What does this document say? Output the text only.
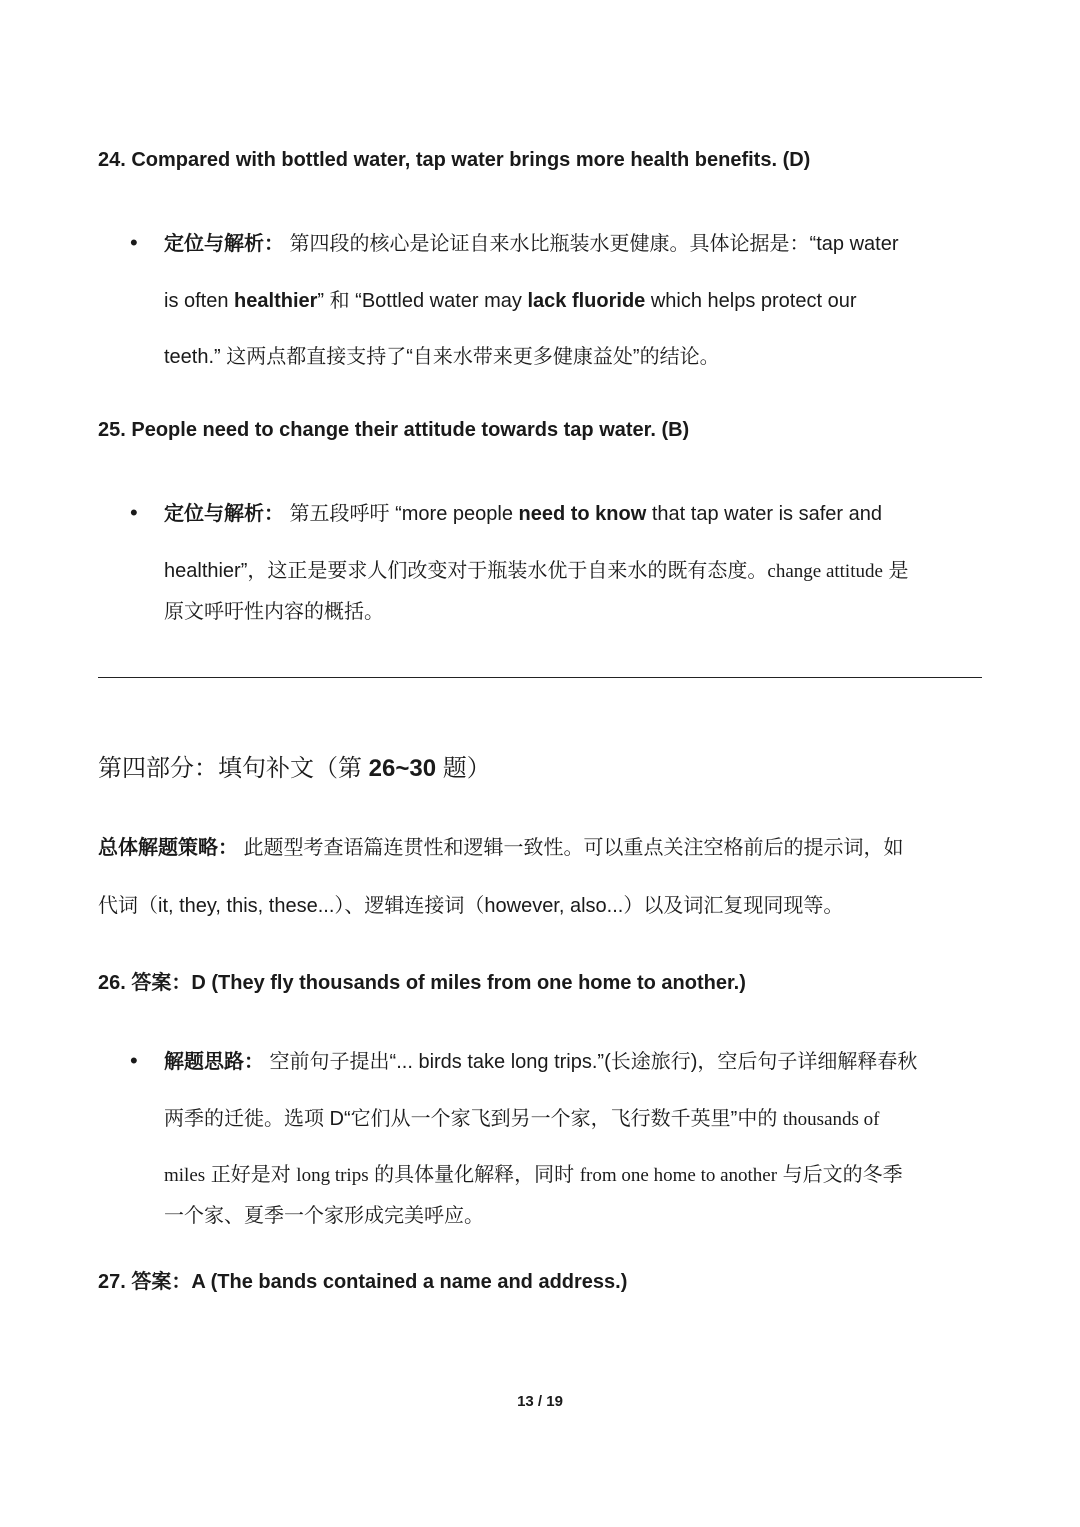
24. Compared with bottled water, tap water brings more health benefits. (D)
• 定位与解析： 第四段的核心是论证自来水比瓶装水更健康。具体论据是：“tap water
is often healthier” 和 “Bottled water may lack fluoride which helps protect our
teeth.” 这两点都直接支持了“自来水带来更多健康益处”的结论。
25. People need to change their attitude towards tap water. (B)
• 定位与解析： 第五段呼吁 “more people need to know that tap water is safer and
healthier”，这正是要求人们改变对于瓶装水优于自来水的既有态度。change attitude 是
原文呼吁性内容的概括。
第四部分：填句补文（第 26~30 题）
总体解题策略： 此题型考查语篇连贯性和逻辑一致性。可以重点关注空格前后的提示词，如
代词（it, they, this, these...）、逻辑连接词（however, also...）以及词汇复现同现等。
26. 答案：D (They fly thousands of miles from one home to another.)
• 解题思路： 空前句子提出“... birds take long trips.”(长途旅行)，空后句子详细解释春秋
两季的迁徙。选项 D“它们从一个家飞到另一个家，飞行数千英里”中的 thousands of
miles 正好是对 long trips 的具体量化解释，同时 from one home to another 与后文的冬季
一个家、夏季一个家形成完美呼应。
27. 答案：A (The bands contained a name and address.)
13 / 19
